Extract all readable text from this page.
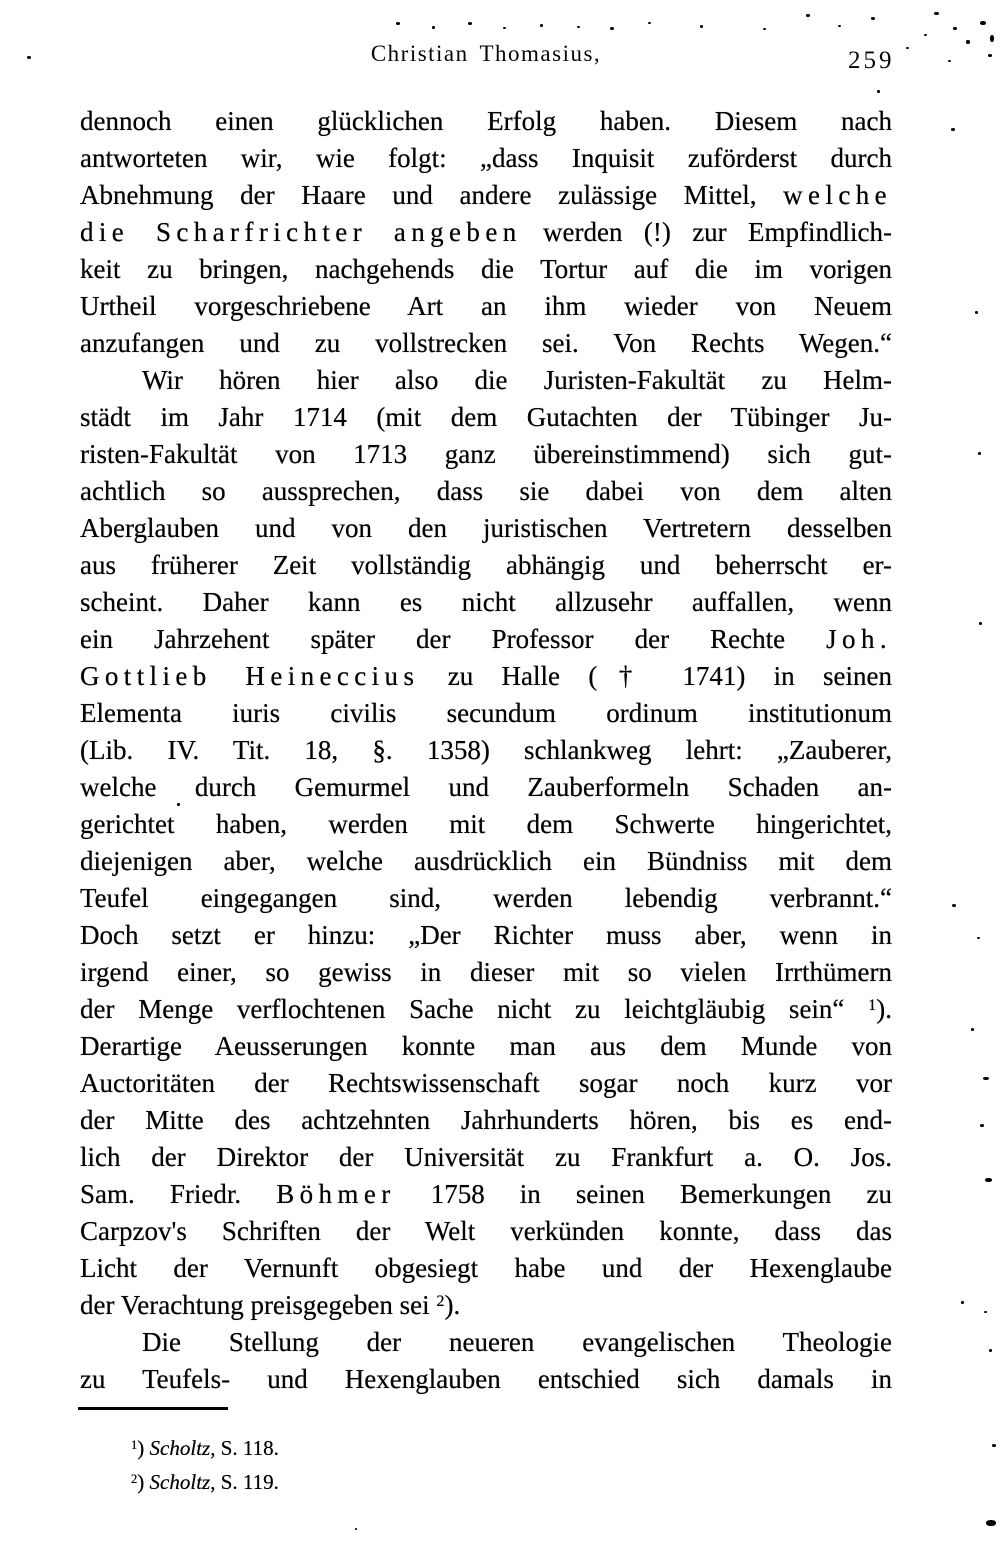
Christian Thomasius,	259
dennoch einen glücklichen Erfolg haben. Diesem nach
antworteten wir, wie folgt: „dass Inquisit zuförderst durch
Abnehmung der Haare und andere zulässige Mittel, welche
die Scharfrichter angeben werden (!) zur Empfindlich-
keit zu bringen, nachgehends die Tortur auf die im vorigen
Urtheil vorgeschriebene Art an ihm wieder von Neuem
anzufangen und zu vollstrecken sei. Von Rechts Wegen.“
Wir hören hier also die Juristen-Fakultät zu Helm-
städt im Jahr 1714 (mit dem Gutachten der Tübinger Ju-
risten-Fakultät von 1713 ganz übereinstimmend) sich gut-
achtlich so aussprechen, dass sie dabei von dem alten
Aberglauben und von den juristischen Vertretern desselben
aus früherer Zeit vollständig abhängig und beherrscht er-
scheint. Daher kann es nicht allzusehr auffallen, wenn
ein Jahrzehent später der Professor der Rechte Joh.
Gottlieb Heineccius zu Halle († 1741) in seinen
Elementa iuris civilis secundum ordinum institutionum
(Lib. IV. Tit. 18, §. 1358) schlankweg lehrt: „Zauberer,
welche durch Gemurmel und Zauberformeln Schaden an-
gerichtet haben, werden mit dem Schwerte hingerichtet,
diejenigen aber, welche ausdrücklich ein Bündniss mit dem
Teufel eingegangen sind, werden lebendig verbrannt.“
Doch setzt er hinzu: „Der Richter muss aber, wenn in
irgend einer, so gewiss in dieser mit so vielen Irrthümern
der Menge verflochtenen Sache nicht zu leichtgläubig sein“ $^1$).
Derartige Aeusserungen konnte man aus dem Munde von
Auctoritäten der Rechtswissenschaft sogar noch kurz vor
der Mitte des achtzehnten Jahrhunderts hören, bis es end-
lich der Direktor der Universität zu Frankfurt a. O. Jos.
Sam. Friedr. Böhmer 1758 in seinen Bemerkungen zu
Carpzov's Schriften der Welt verkünden konnte, dass das
Licht der Vernunft obgesiegt habe und der Hexenglaube
der Verachtung preisgegeben sei $^2$).
Die Stellung der neueren evangelischen Theologie
zu Teufels- und Hexenglauben entschied sich damals in
$^1$) Scholtz, S. 118.
$^2$) Scholtz, S. 119.
